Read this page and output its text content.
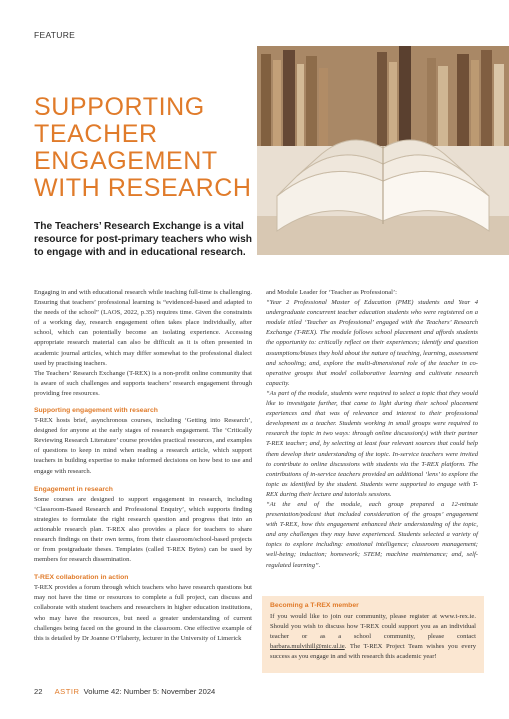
FEATURE
SUPPORTING
TEACHER
ENGAGEMENT
WITH RESEARCH

The Teachers’ Research Exchange is a vital resource for post-primary teachers who wish to engage with and in educational research.

Engaging in and with educational research while teaching full-time is challenging. Ensuring that teachers’ professional learning is “evidenced-based and adapted to the needs of the school” (LAOS, 2022, p.35) requires time. Given the constraints of a working day, research engagement often takes place individually, after school, which can potentially become an isolating experience. Accessing appropriate research material can also be difficult as it is often presented in academic journal articles, which may differ somewhat to the professional dialect used by practising teachers.

The Teachers’ Research Exchange (T-REX) is a non-profit online community that is aware of such challenges and supports teachers’ research engagement through providing free resources.

Supporting engagement with research

T-REX hosts brief, asynchronous courses, including ‘Getting into Research’, designed for anyone at the early stages of research engagement. The ‘Critically Reviewing Research Literature’ course provides practical resources, and examples of questions to keep in mind when reading a research article, which support teachers in building expertise to make informed decisions on how best to use and engage with research.

Engagement in research

Some courses are designed to support engagement in research, including ‘Classroom-Based Research and Professional Enquiry’, which supports finding strategies to formulate the right research question and progress that into an actionable research plan. T-REX also provides a place for teachers to share research findings on their own terms, from their classroom/school-based projects or from postgraduate theses. Templates (called T-REX Bytes) can be used by members for research dissemination.

T-REX collaboration in action

T-REX provides a forum through which teachers who have research questions but may not have the time or resources to complete a full project, can discuss and collaborate with student teachers and researchers in higher education institutions, who may have the resources, but need a greater understanding of current challenges being faced on the ground in the classroom. One effective example of this is detailed by Dr Joanne O’Flaherty, lecturer in the University of Limerick

and Module Leader for ‘Teacher as Professional’:

“Year 2 Professional Master of Education (PME) students and Year 4 undergraduate concurrent teacher education students who were registered on a module titled ‘Teacher as Professional’ engaged with the Teachers’ Research Exchange (T-REX). The module follows school placement and affords students the opportunity to: critically reflect on their experiences; identify and question assumptions/biases they hold about the nature of teaching, learning, assessment and schooling; and, explore the multi-dimensional role of the teacher in co-operative groups that model collaborative learning and cultivate research capacity.

“As part of the module, students were required to select a topic that they would like to investigate further, that came to light during their school placement experiences and that was of relevance and interest to their professional development as a teacher. Students working in small groups were required to research the topic in two ways: through online discussion(s) with their partner T-REX teacher; and, by selecting at least four relevant sources that could help them develop their understanding of the topic. In-service teachers were invited to contribute to online discussions with students via the T-REX platform. The contributions of in-service teachers provided an additional ‘lens’ to explore the topic as identified by the student. Students were supported to engage with T-REX during their lecture and tutorials sessions.

“At the end of the module, each group prepared a 12-minute presentation/podcast that included consideration of the groups’ engagement with T-REX, how this engagement enhanced their understanding of the topic, and any challenges they may have experienced. Students selected a variety of topics to explore including: emotional intelligence; classroom management; well-being; induction; homework; STEM; machine maintenance; and, self-regulated learning”.

Becoming a T-REX member
If you would like to join our community, please register at www.t-rex.ie. Should you wish to discuss how T-REX could support you as an individual teacher or as a school community, please contact barbara.mulvihill@mic.ul.ie. The T-REX Project Team wishes you every success as you engage in and with research this academic year!
22 ASTIR Volume 42: Number 5: November 2024
